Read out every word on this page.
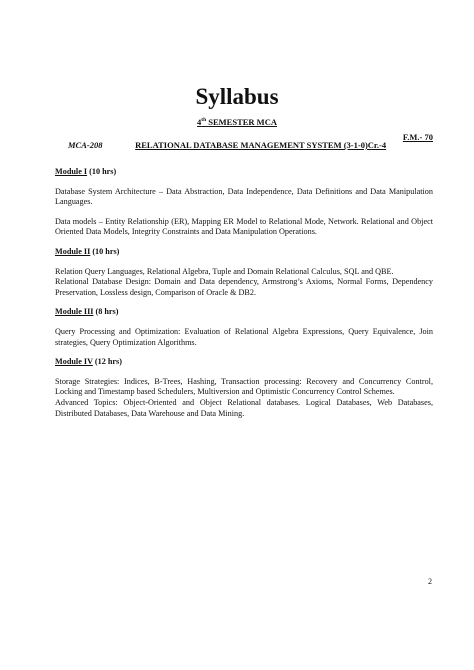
Syllabus
4th SEMESTER MCA
F.M.- 70
MCA-208	RELATIONAL DATABASE MANAGEMENT SYSTEM (3-1-0)Cr.-4
Module I (10 hrs)

Database System Architecture – Data Abstraction, Data Independence, Data Definitions and Data Manipulation Languages.

Data models – Entity Relationship (ER), Mapping ER Model to Relational Mode, Network. Relational and Object Oriented Data Models, Integrity Constraints and Data Manipulation Operations.

Module II (10 hrs)

Relation Query Languages, Relational Algebra, Tuple and Domain Relational Calculus, SQL and QBE.

Relational Database Design: Domain and Data dependency, Armstrong’s Axioms, Normal Forms, Dependency Preservation, Lossless design, Comparison of Oracle & DB2.

Module III (8 hrs)

Query Processing and Optimization: Evaluation of Relational Algebra Expressions, Query Equivalence, Join strategies, Query Optimization Algorithms.

Module IV (12 hrs)

Storage Strategies: Indices, B-Trees, Hashing, Transaction processing: Recovery and Concurrency Control, Locking and Timestamp based Schedulers, Multiversion and Optimistic Concurrency Control Schemes.

Advanced Topics: Object-Oriented and Object Relational databases. Logical Databases, Web Databases, Distributed Databases, Data Warehouse and Data Mining.

2
